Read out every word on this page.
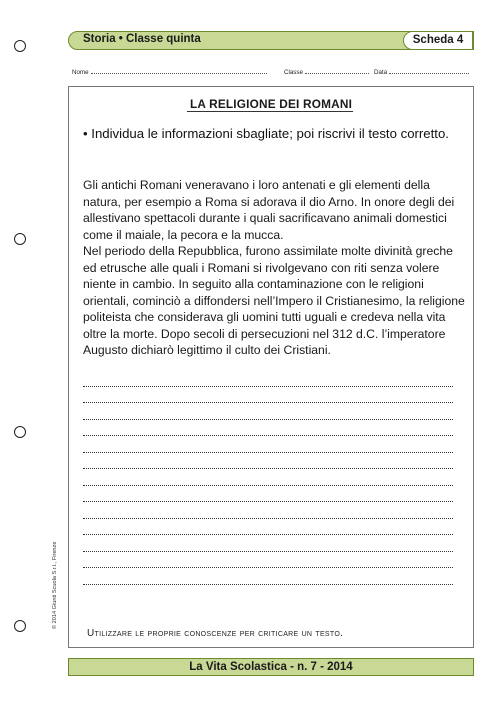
Storia • Classe quinta	Scheda 4
Nome	Classe	Data
LA RELIGIONE DEI ROMANI
• Individua le informazioni sbagliate; poi riscrivi il testo corretto.

Gli antichi Romani veneravano i loro antenati e gli elementi della natura, per esempio a Roma si adorava il dio Arno. In onore degli dei allestivano spettacoli durante i quali sacrificavano animali domestici come il maiale, la pecora e la mucca.

Nel periodo della Repubblica, furono assimilate molte divinità greche ed etrusche alle quali i Romani si rivolgevano con riti senza volere niente in cambio. In seguito alla contaminazione con le religioni orientali, cominciò a diffondersi nell’Impero il Cristianesimo, la religione politeista che considerava gli uomini tutti uguali e credeva nella vita oltre la morte. Dopo secoli di persecuzioni nel 312 d.C. l’imperatore Augusto dichiarò legittimo il culto dei Cristiani.

Utilizzare le proprie conoscenze per criticare un testo.
© 2014 Giunti Scuola S.r.l., Firenze
La Vita Scolastica - n. 7 - 2014
